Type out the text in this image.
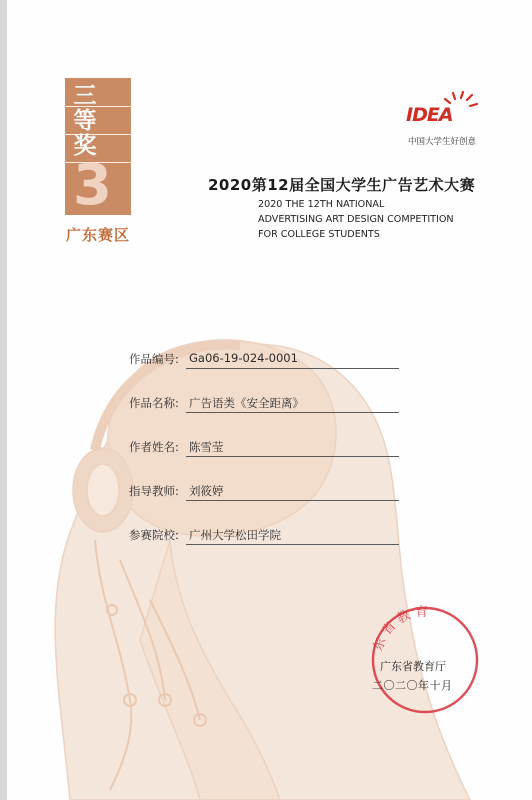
三等奖
3
广东赛区
IDEA
中国大学生好创意
2020第12届全国大学生广告艺术大赛
2020 THE 12TH NATIONAL
ADVERTISING ART DESIGN COMPETITION
FOR COLLEGE STUDENTS
作品编号: Ga06-19-024-0001
作品名称: 广告语类《安全距离》
作者姓名: 陈雪莹
指导教师: 刘筱婷
参赛院校: 广州大学松田学院
东 省 教 育
广东省教育厅
二〇二〇年十月
